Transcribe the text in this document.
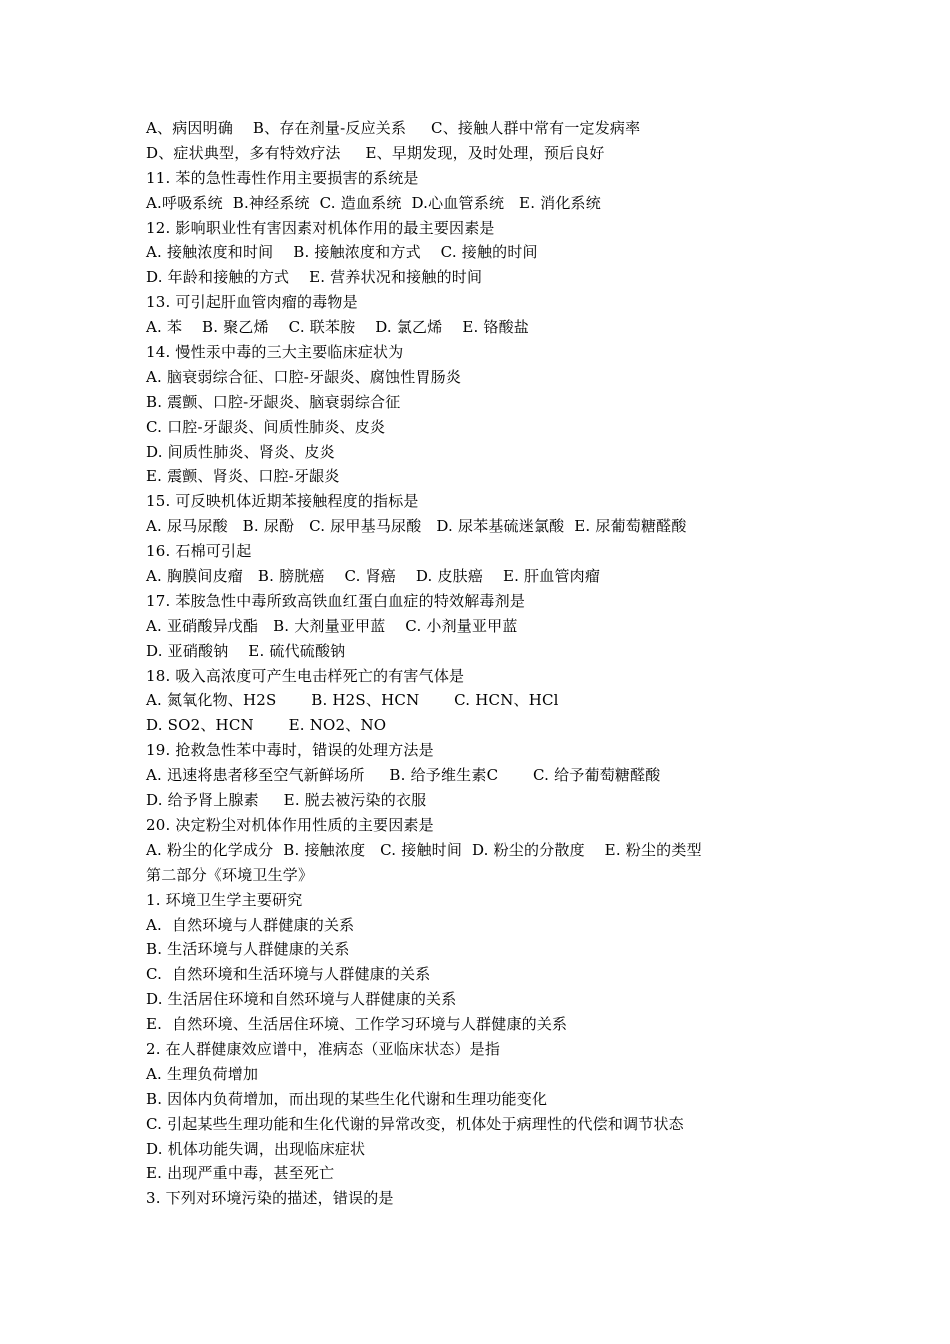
A、病因明确    B、存在剂量-反应关系     C、接触人群中常有一定发病率
D、症状典型，多有特效疗法     E、早期发现，及时处理，预后良好
11. 苯的急性毒性作用主要损害的系统是
A.呼吸系统  B.神经系统  C. 造血系统  D.心血管系统   E. 消化系统
12. 影响职业性有害因素对机体作用的最主要因素是
A. 接触浓度和时间    B. 接触浓度和方式    C. 接触的时间
D. 年龄和接触的方式    E. 营养状况和接触的时间
13. 可引起肝血管肉瘤的毒物是
A. 苯    B. 聚乙烯    C. 联苯胺    D. 氯乙烯    E. 铬酸盐
14. 慢性汞中毒的三大主要临床症状为
A. 脑衰弱综合征、口腔-牙龈炎、腐蚀性胃肠炎
B. 震颤、口腔-牙龈炎、脑衰弱综合征
C. 口腔-牙龈炎、间质性肺炎、皮炎
D. 间质性肺炎、肾炎、皮炎
E. 震颤、肾炎、口腔-牙龈炎
15. 可反映机体近期苯接触程度的指标是
A. 尿马尿酸   B. 尿酚   C. 尿甲基马尿酸   D. 尿苯基硫迷氯酸  E. 尿葡萄糖醛酸
16. 石棉可引起
A. 胸膜间皮瘤   B. 膀胱癌    C. 肾癌    D. 皮肤癌    E. 肝血管肉瘤
17. 苯胺急性中毒所致高铁血红蛋白血症的特效解毒剂是
A. 亚硝酸异戊酯   B. 大剂量亚甲蓝    C. 小剂量亚甲蓝
D. 亚硝酸钠    E. 硫代硫酸钠
18. 吸入高浓度可产生电击样死亡的有害气体是
A. 氮氧化物、H2S       B. H2S、HCN       C. HCN、HCl
D. SO2、HCN       E. NO2、NO
19. 抢救急性苯中毒时，错误的处理方法是
A. 迅速将患者移至空气新鲜场所     B. 给予维生素C       C. 给予葡萄糖醛酸
D. 给予肾上腺素     E. 脱去被污染的衣服
20. 决定粉尘对机体作用性质的主要因素是
A. 粉尘的化学成分  B. 接触浓度   C. 接触时间  D. 粉尘的分散度    E. 粉尘的类型
第二部分《环境卫生学》
1. 环境卫生学主要研究
A.  自然环境与人群健康的关系
B. 生活环境与人群健康的关系
C.  自然环境和生活环境与人群健康的关系
D. 生活居住环境和自然环境与人群健康的关系
E.  自然环境、生活居住环境、工作学习环境与人群健康的关系
2. 在人群健康效应谱中，准病态（亚临床状态）是指
A. 生理负荷增加
B. 因体内负荷增加，而出现的某些生化代谢和生理功能变化
C. 引起某些生理功能和生化代谢的异常改变，机体处于病理性的代偿和调节状态
D. 机体功能失调，出现临床症状
E. 出现严重中毒，甚至死亡
3. 下列对环境污染的描述，错误的是
